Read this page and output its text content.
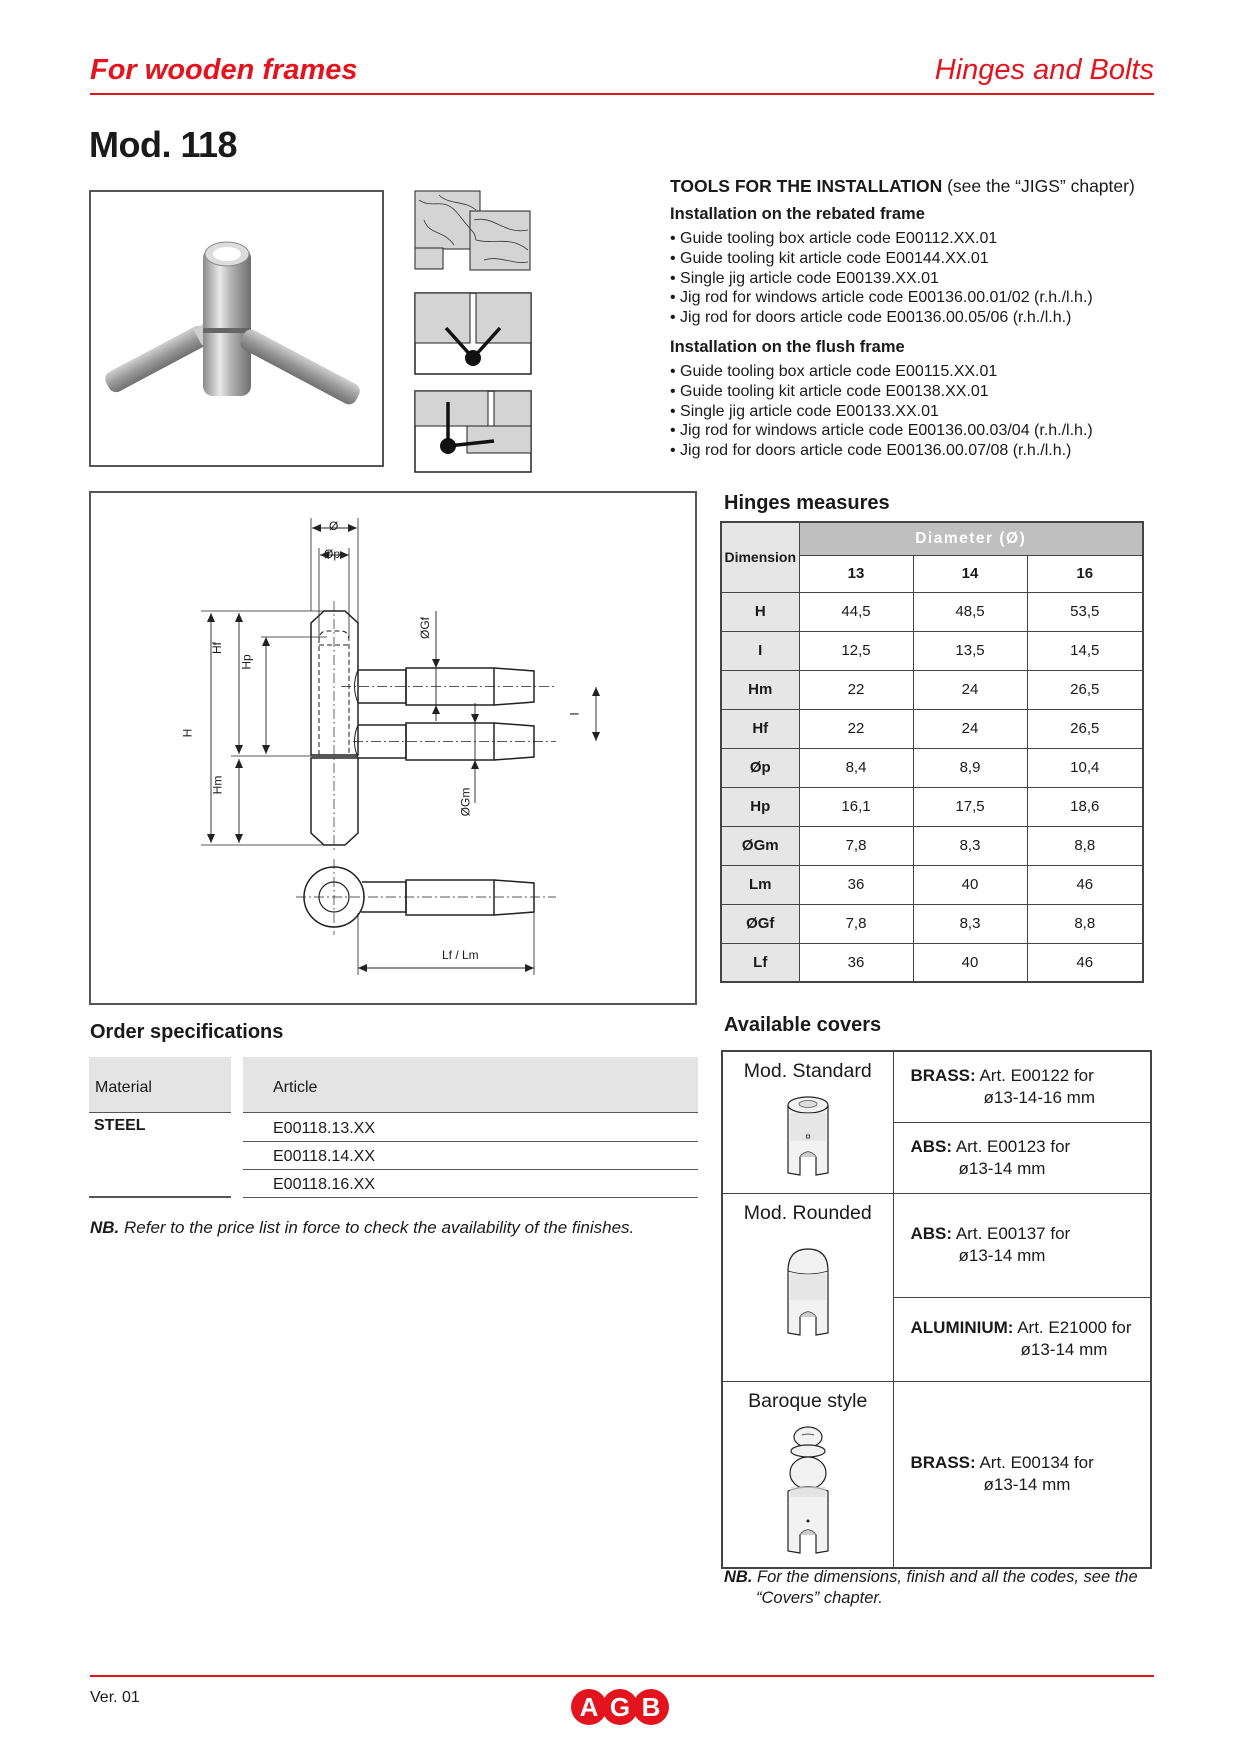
For wooden frames	Hinges and Bolts
Mod. 118
TOOLS FOR THE INSTALLATION (see the “JIGS” chapter)
Installation on the rebated frame
• Guide tooling box article code E00112.XX.01
• Guide tooling kit article code E00144.XX.01
• Single jig article code E00139.XX.01
• Jig rod for windows article code E00136.00.01/02 (r.h./l.h.)
• Jig rod for doors article code E00136.00.05/06 (r.h./l.h.)
Installation on the flush frame
• Guide tooling box article code E00115.XX.01
• Guide tooling kit article code E00138.XX.01
• Single jig article code E00133.XX.01
• Jig rod for windows article code E00136.00.03/04 (r.h./l.h.)
• Jig rod for doors article code E00136.00.07/08 (r.h./l.h.)
Ø
Øp
H
Hf
Hp
Hm
ØGf
ØGm
I
Lf / Lm
Hinges measures
Dimension	Diameter (Ø)		
	13	14	16
H	44,5	48,5	53,5
I	12,5	13,5	14,5
Hm	22	24	26,5
Hf	22	24	26,5
Øp	8,4	8,9	10,4
Hp	16,1	17,5	18,6
ØGm	7,8	8,3	8,8
Lm	36	40	46
ØGf	7,8	8,3	8,8
Lf	36	40	46
Order specifications
Material	Article
STEEL	E00118.13.XX
E00118.14.XX
E00118.16.XX
NB. Refer to the price list in force to check the availability of the finishes.
Available covers
Mod. Standard	BRASS: Art. E00122 for
ø13-14-16 mm

	ABS: Art. E00123 for
ø13-14 mm

Mod. Rounded	ABS: Art. E00137 for
ø13-14 mm

	ALUMINIUM: Art. E21000 for
ø13-14 mm

Baroque style	BRASS: Art. E00134 for
ø13-14 mm
NB. For the dimensions, finish and all the codes, see the
“Covers” chapter.
Ver. 01	A G B
